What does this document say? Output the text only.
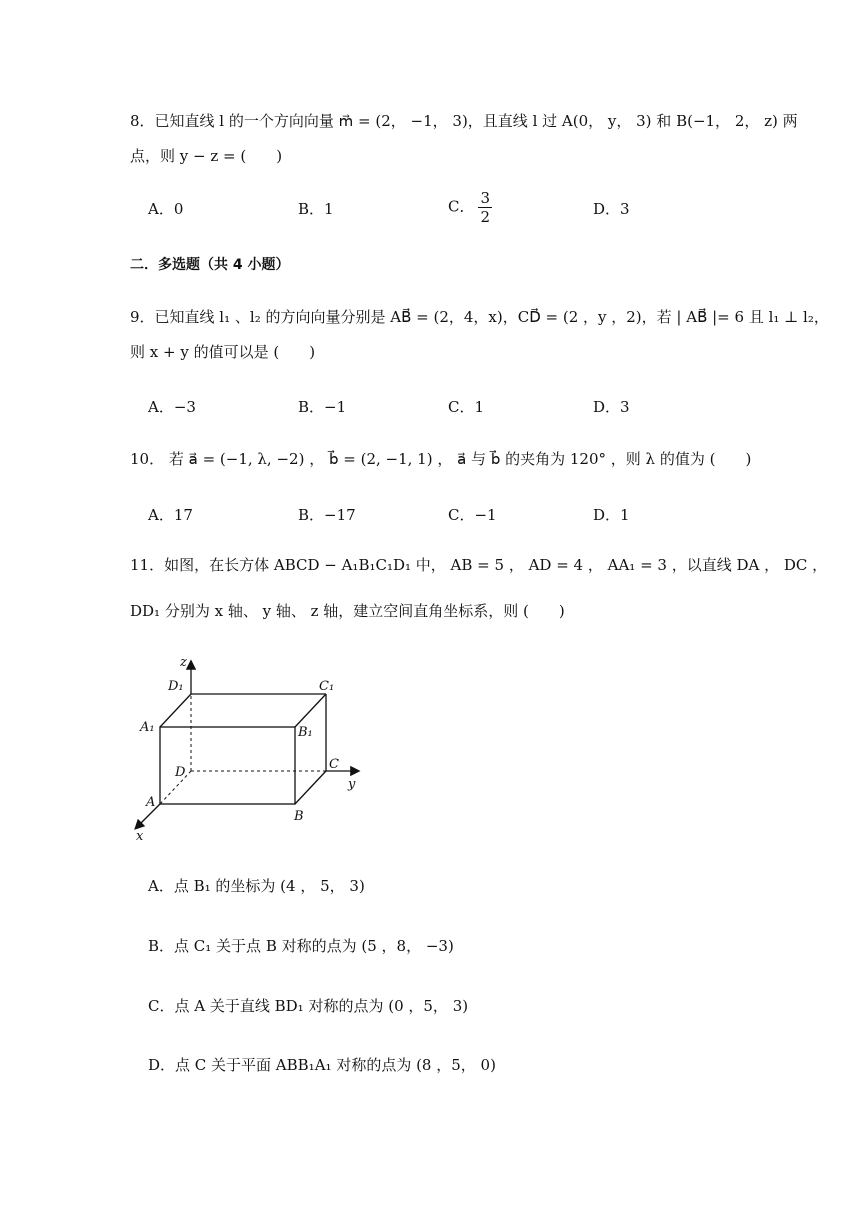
8．已知直线 l 的一个方向向量 m⃗ = (2， −1， 3)，且直线 l 过 A(0， y， 3) 和 B(−1， 2， z) 两
点，则 y − z = (　　)
A．0	B．1	C． $\frac{3}{2}$	D．3
二．多选题（共 4 小题）
9．已知直线 l₁ 、l₂ 的方向向量分别是 AB⃗ = (2，4，x)，CD⃗ = (2 ，y ，2)，若 | AB⃗ |= 6 且 l₁ ⊥ l₂，
则 x + y 的值可以是 (　　)
A．−3	B．−1	C．1	D．3
10． 若 a⃗ = (−1, λ, −2) ， b⃗ = (2, −1, 1) ， a⃗ 与 b⃗ 的夹角为 120° ，则 λ 的值为 (　　)
A．17	B．−17	C．−1	D．1
11．如图，在长方体 ABCD − A₁B₁C₁D₁ 中， AB = 5 ， AD = 4 ， AA₁ = 3 ，以直线 DA ， DC ，
DD₁ 分别为 x 轴、 y 轴、 z 轴，建立空间直角坐标系，则 (　　)
z
D₁	C₁
A₁	B₁
D
C
y
A
B
x
A．点 B₁ 的坐标为 (4 ， 5， 3)
B．点 C₁ 关于点 B 对称的点为 (5 ，8， −3)
C．点 A 关于直线 BD₁ 对称的点为 (0 ，5， 3)
D．点 C 关于平面 ABB₁A₁ 对称的点为 (8 ，5， 0)
